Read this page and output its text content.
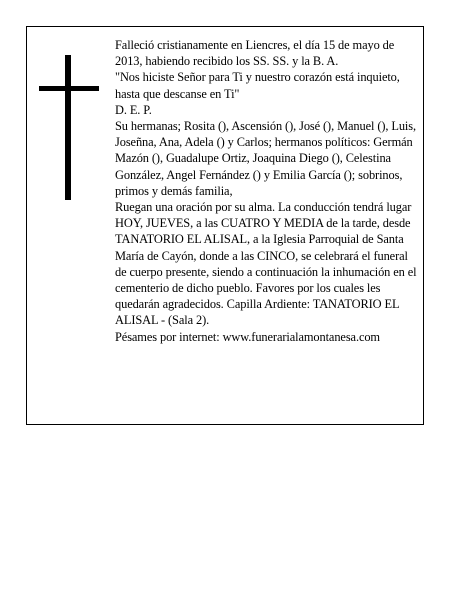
Falleció cristianamente en Liencres, el día 15 de mayo de 2013, habiendo recibido los SS. SS. y la B. A.

"Nos hiciste Señor para Ti y nuestro corazón está inquieto, hasta que descanse en Ti"

D. E. P.

Su hermanas; Rosita (), Ascensión (), José (), Manuel (), Luis, Joseñna, Ana, Adela () y Carlos; hermanos políticos: Germán Mazón (), Guadalupe Ortiz, Joaquina Diego (), Celestina González, Angel Fernández () y Emilia García (); sobrinos, primos y demás familia,

Ruegan una oración por su alma. La conducción tendrá lugar HOY, JUEVES, a las CUATRO Y MEDIA de la tarde, desde TANATORIO EL ALISAL, a la Iglesia Parroquial de Santa María de Cayón, donde a las CINCO, se celebrará el funeral de cuerpo presente, siendo a continuación la inhumación en el cementerio de dicho pueblo. Favores por los cuales les quedarán agradecidos. Capilla Ardiente: TANATORIO EL ALISAL - (Sala 2).

Pésames por internet: www.funerarialamontanesa.com
